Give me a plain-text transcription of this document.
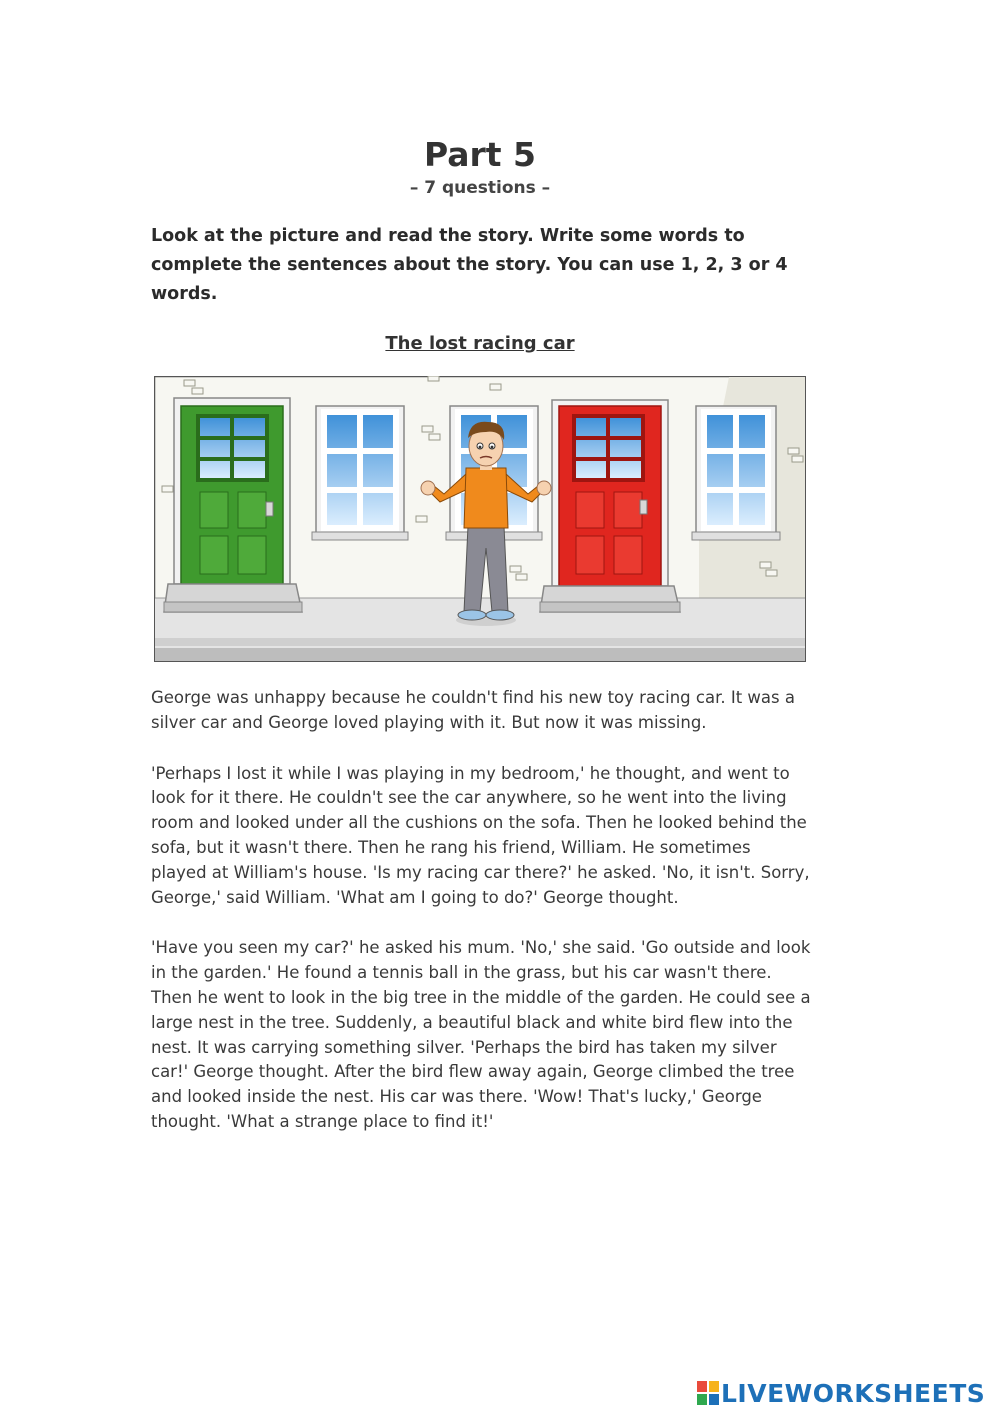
Part 5
– 7 questions –
Look at the picture and read the story. Write some words to complete the sentences about the story. You can use 1, 2, 3 or 4 words.
The lost racing car

George was unhappy because he couldn't find his new toy racing car. It was a silver car and George loved playing with it. But now it was missing.

'Perhaps I lost it while I was playing in my bedroom,' he thought, and went to look for it there. He couldn't see the car anywhere, so he went into the living room and looked under all the cushions on the sofa. Then he looked behind the sofa, but it wasn't there. Then he rang his friend, William. He sometimes played at William's house. 'Is my racing car there?' he asked. 'No, it isn't. Sorry, George,' said William. 'What am I going to do?' George thought.

'Have you seen my car?' he asked his mum. 'No,' she said. 'Go outside and look in the garden.' He found a tennis ball in the grass, but his car wasn't there. Then he went to look in the big tree in the middle of the garden. He could see a large nest in the tree. Suddenly, a beautiful black and white bird flew into the nest. It was carrying something silver. 'Perhaps the bird has taken my silver car!' George thought. After the bird flew away again, George climbed the tree and looked inside the nest. His car was there. 'Wow! That's lucky,' George thought. 'What a strange place to find it!'

LIVEWORKSHEETS
